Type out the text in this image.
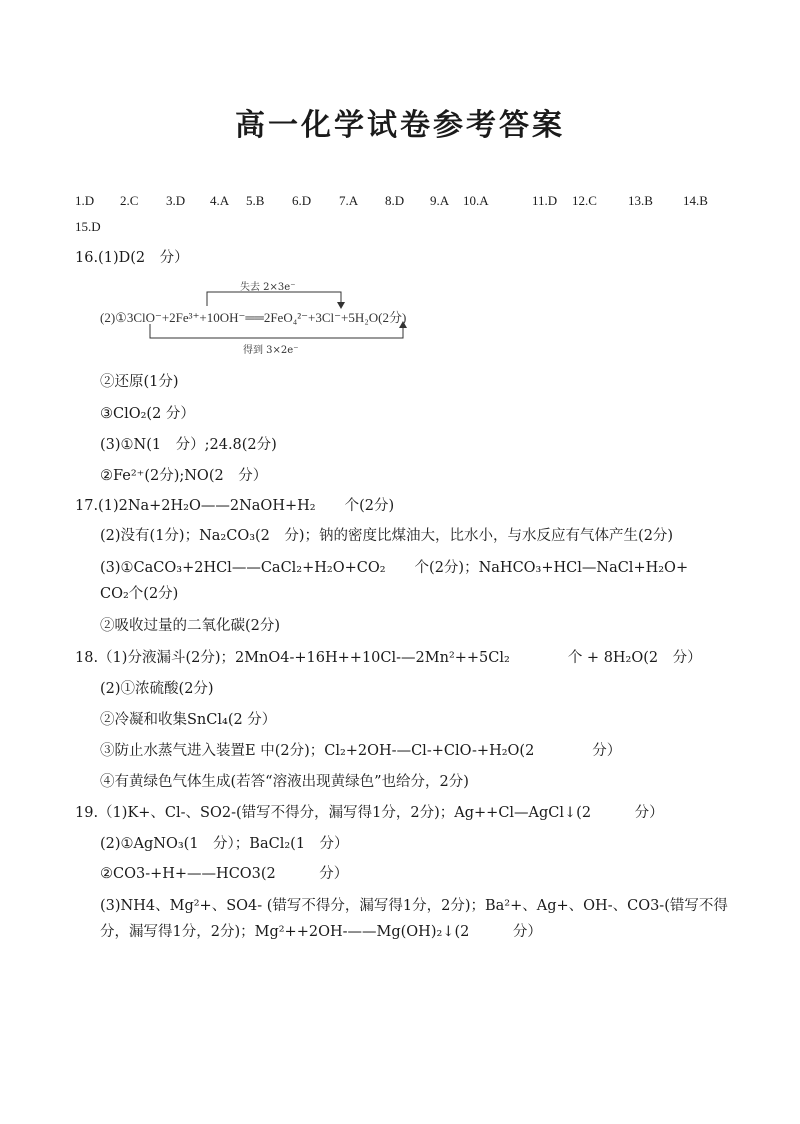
高一化学试卷参考答案
1.D 2.C 3.D 4.A 5.B 6.D 7.A 8.D 9.A 10.A	11.D 12.C 13.B 14.B
15.D
16.(1)D(2　分）
失去 2×3e⁻
得到 3×2e⁻
(2)①3ClO⁻+2Fe³⁺+10OH⁻══2FeO₄²⁻+3Cl⁻+5H₂O(2分)
②还原(1分)
③ClO₂(2 分）
(3)①N(1　分）;24.8(2分)
②Fe²⁺(2分);NO(2　分）
17.(1)2Na+2H₂O——2NaOH+H₂　　个(2分)
(2)没有(1分)；Na₂CO₃(2　分)；钠的密度比煤油大，比水小，与水反应有气体产生(2分)
(3)①CaCO₃+2HCl——CaCl₂+H₂O+CO₂　　个(2分)；NaHCO₃+HCl—NaCl+H₂O+
CO₂个(2分)
②吸收过量的二氧化碳(2分)
18.（1)分液漏斗(2分)；2MnO4-+16H++10Cl-—2Mn²++5Cl₂　　　　个 + 8H₂O(2　分）
(2)①浓硫酸(2分)
②冷凝和收集SnCl₄(2 分）
③防止水蒸气进入装置E 中(2分)；Cl₂+2OH-—Cl-+ClO-+H₂O(2　　　　分）
④有黄绿色气体生成(若答“溶液出现黄绿色”也给分，2分)
19.（1)K+、Cl-、SO2-(错写不得分，漏写得1分，2分)；Ag++Cl—AgCl↓(2　　　分）
(2)①AgNO₃(1　分）；BaCl₂(1　分）
②CO3-+H+——HCO3(2　　　分）
(3)NH4、Mg²+、SO4- (错写不得分，漏写得1分，2分)；Ba²+、Ag+、OH-、CO3-(错写不得
分，漏写得1分，2分)；Mg²++2OH-——Mg(OH)₂↓(2　　　分）
